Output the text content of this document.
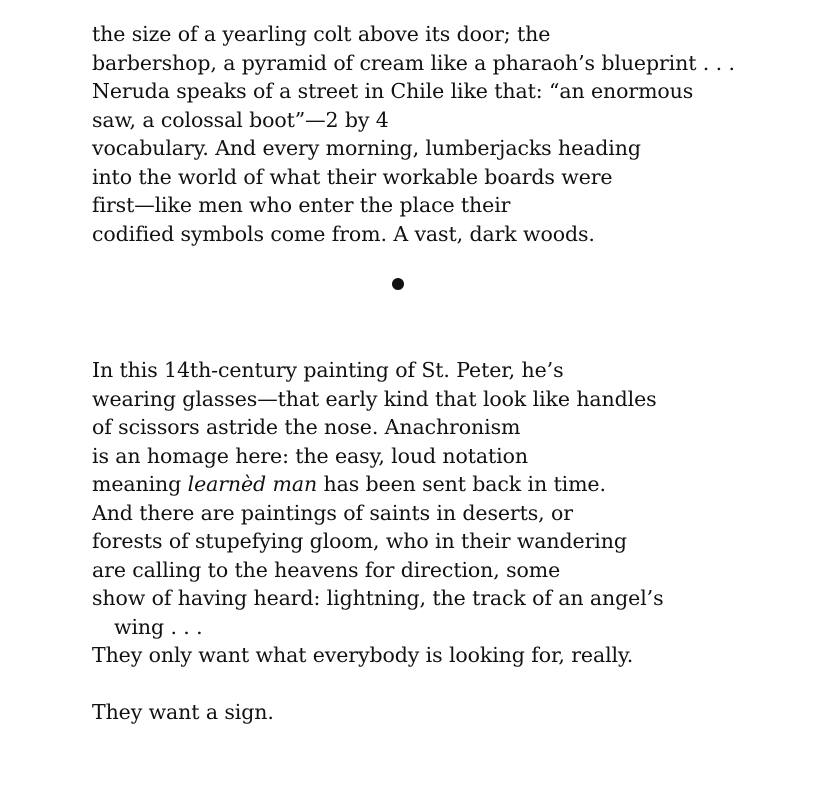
the size of a yearling colt above its door; the
barbershop, a pyramid of cream like a pharaoh’s blueprint . . .
Neruda speaks of a street in Chile like that: “an enormous
saw, a colossal boot”—2 by 4
vocabulary. And every morning, lumberjacks heading
into the world of what their workable boards were
first—like men who enter the place their
codified symbols come from. A vast, dark woods.
In this 14th-century painting of St. Peter, he’s
wearing glasses—that early kind that look like handles
of scissors astride the nose. Anachronism
is an homage here: the easy, loud notation
meaning learnèd man has been sent back in time.
And there are paintings of saints in deserts, or
forests of stupefying gloom, who in their wandering
are calling to the heavens for direction, some
show of having heard: lightning, the track of an angel’s
wing . . .
They only want what everybody is looking for, really.
They want a sign.
